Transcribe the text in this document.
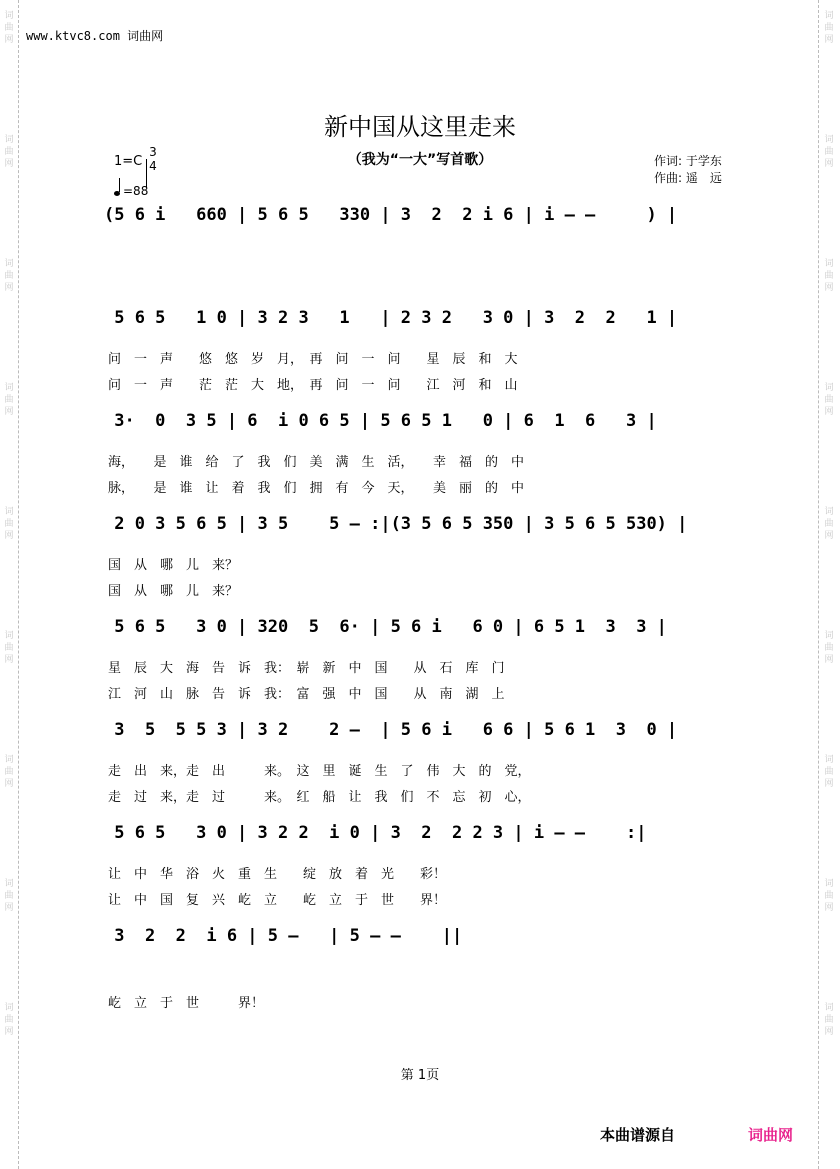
词
曲
网
词
曲
网
词
曲
网
词
曲
网
词
曲
网
词
曲
网
词
曲
网
词
曲
网
词
曲
网
词
曲
网
词
曲
网
词
曲
网
词
曲
网
词
曲
网
词
曲
网
词
曲
网
词
曲
网
词
曲
网
www.ktvc8.com 词曲网
新中国从这里走来
（我为“一大”写首歌）	作词: 于学东
作曲: 遥　远
1=C
3
4
=88
(5 6 i   660 | 5 6 5   330 | 3  2  2 i 6 | i — —     ) |
5 6 5   1 0 | 3 2 3   1   | 2 3 2   3 0 | 3  2  2   1 |
问　一　声　　悠　悠　岁　月，　再　问　一　问　　星　辰　和　大
问　一　声　　茫　茫　大　地，　再　问　一　问　　江　河　和　山
3·  0  3 5 | 6  i 0 6 5 | 5 6 5 1   0 | 6  1  6   3 |
海，　　是　谁　给　了　我　们　美　满　生　活，　　幸　福　的　中
脉，　　是　谁　让　着　我　们　拥　有　今　天，　　美　丽　的　中
2 0 3 5 6 5 | 3 5    5 — :|(3 5 6 5 350 | 3 5 6 5 530) |
国　从　哪　儿　来？
国　从　哪　儿　来？
5 6 5   3 0 | 320  5  6· | 5 6 i   6 0 | 6 5 1  3  3 |
星　辰　大　海　告　诉　我：　崭　新　中　国　　从　石　库　门
江　河　山　脉　告　诉　我：　富　强　中　国　　从　南　湖　上
3  5  5 5 3 | 3 2    2 —  | 5 6 i   6 6 | 5 6 1  3  0 |
走　出　来，走　出　　　来。　这　里　诞　生　了　伟　大　的　党，
走　过　来，走　过　　　来。　红　船　让　我　们　不　忘　初　心，
5 6 5   3 0 | 3 2 2  i 0 | 3  2  2 2 3 | i — —    :|
让　中　华　浴　火　重　生　　绽　放　着　光　　彩！
让　中　国　复　兴　屹　立　　屹　立　于　世　　界！
3  2  2  i 6 | 5 —   | 5 — —    ||
屹　立　于　世　　　界！
第 1页
本曲谱源自	词曲网
